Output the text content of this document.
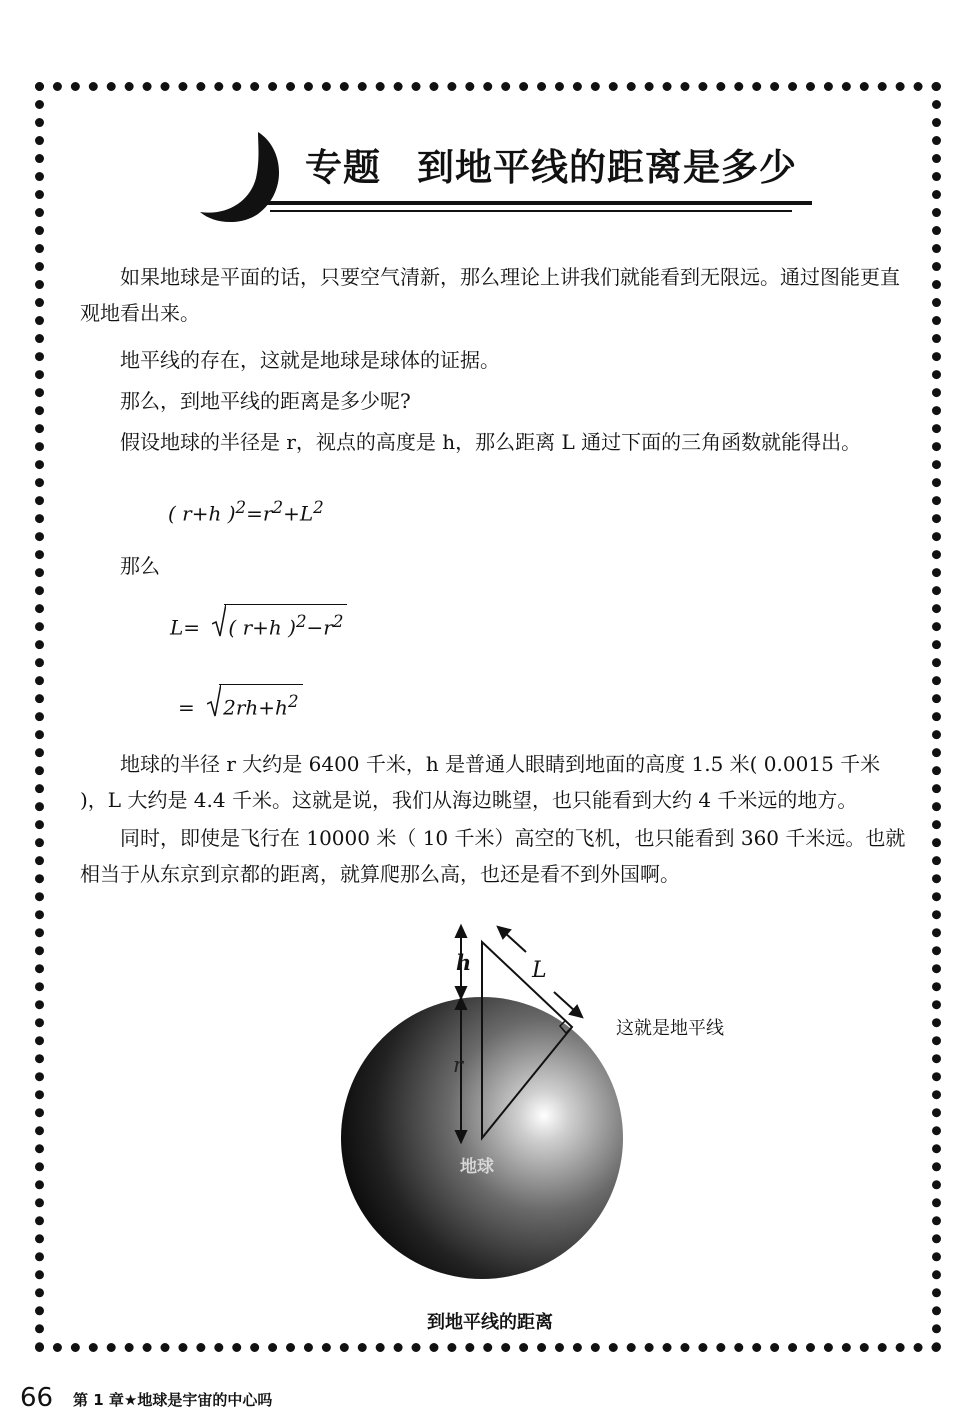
专题 到地平线的距离是多少
如果地球是平面的话，只要空气清新，那么理论上讲我们就能看到无限远。通过图能更直观地看出来。
地平线的存在，这就是地球是球体的证据。
那么，到地平线的距离是多少呢?
假设地球的半径是 r，视点的高度是 h，那么距离 L 通过下面的三角函数就能得出。
( r+h )$^2=r^2+L^2$
那么
L= ( r+h )$^2-r^2$
= $2rh+h^2$
地球的半径 r 大约是 6400 千米，h 是普通人眼睛到地面的高度 1.5 米( 0.0015 千米 )，L 大约是 4.4 千米。这就是说，我们从海边眺望，也只能看到大约 4 千米远的地方。
同时，即使是飞行在 10000 米（ 10 千米）高空的飞机，也只能看到 360 千米远。也就相当于从东京到京都的距离，就算爬那么高，也还是看不到外国啊。
h
r
L
地球
这就是地平线
到地平线的距离
66 第 1 章★地球是宇宙的中心吗
